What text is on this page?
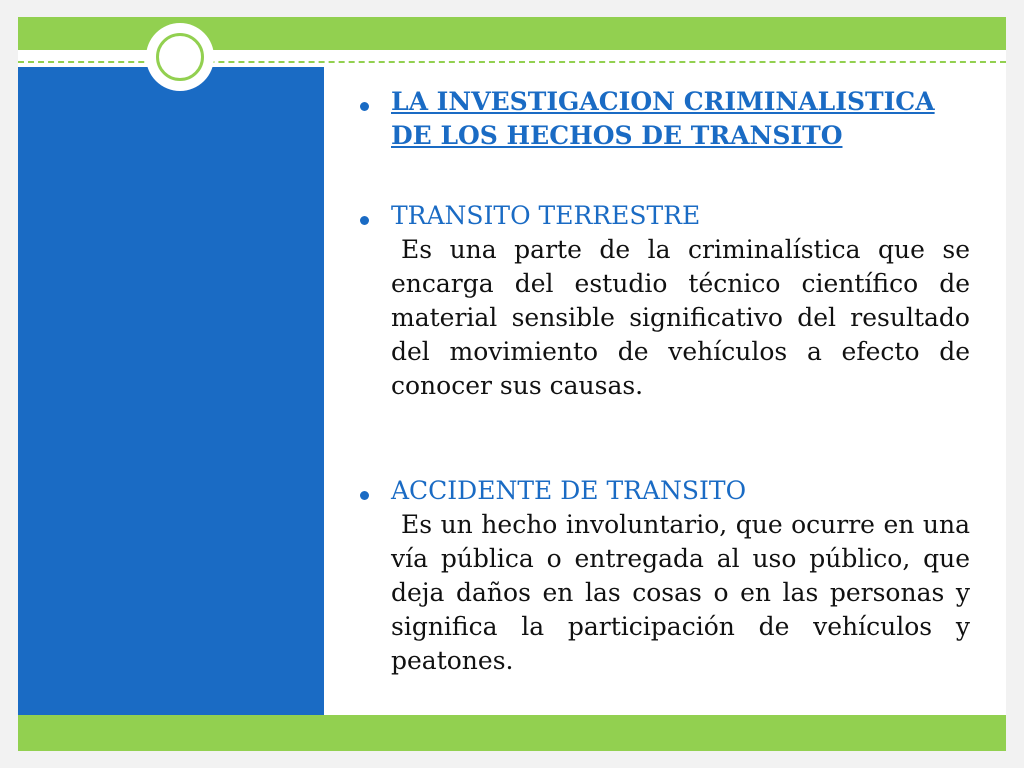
LA INVESTIGACION CRIMINALISTICA DE LOS HECHOS DE TRANSITO
TRANSITO TERRESTRE

Es una parte de la criminalística que se encarga del estudio técnico científico de material sensible significativo del resultado del movimiento de vehículos a efecto de conocer sus causas.

ACCIDENTE DE TRANSITO

Es un hecho involuntario, que ocurre en una vía pública o entregada al uso público, que deja daños en las cosas o en las personas y significa la participación de vehículos y peatones.
